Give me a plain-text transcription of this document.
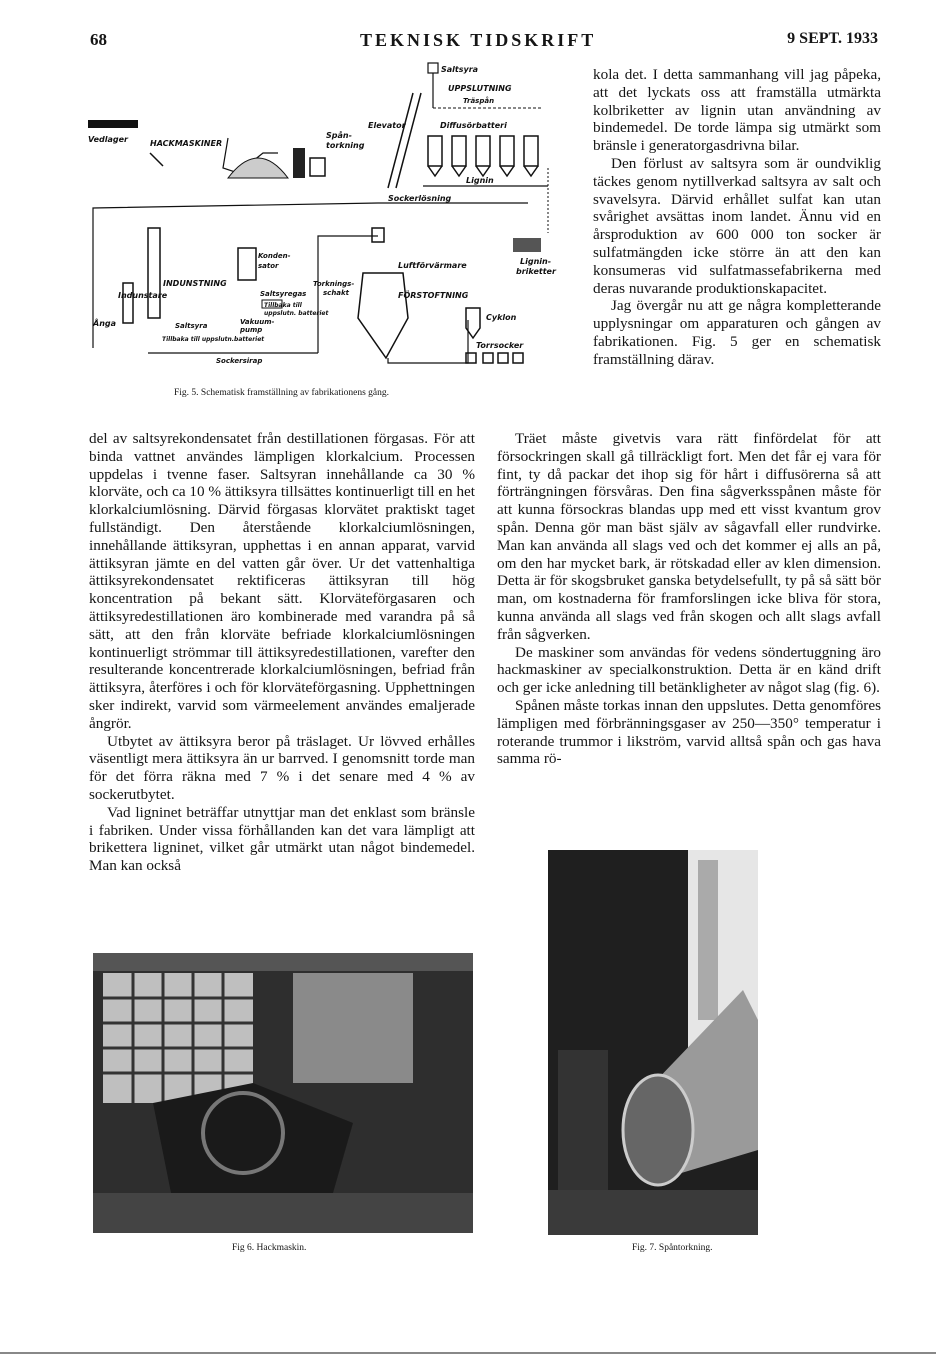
68	TEKNISK TIDSKRIFT	9 SEPT. 1933
Saltsyra
UPPSLUTNING
Träspån
Vedlager	HACKMASKINER
Spån-
torkning
Elevator	Diffusörbatteri
Lignin
Sockerlösning
Lignin-
briketter
INDUNSTNING
Indunstare
Ånga
Konden-
sator
Saltsyregas
Tillbaka till
uppslutn. batteriet
Saltsyra	Vakuum-
pump
Tillbaka till uppslutn.batteriet
Sockersirap
Torknings-
schakt
Luftförvärmare
FÖRSTOFTNING
Cyklon
Torrsocker
Fig. 5. Schematisk framställning av fabrikationens gång.

kola det. I detta sammanhang vill jag påpeka, att det lyckats oss att framställa utmärkta kolbriketter av lignin utan användning av bindemedel. De torde lämpa sig utmärkt som bränsle i generatorgasdrivna bilar.

Den förlust av saltsyra som är oundviklig täckes genom nytillverkad saltsyra av salt och svavelsyra. Därvid erhållet sulfat kan utan svårighet avsättas inom landet. Ännu vid en årsproduktion av 600 000 ton socker är sulfatmängden icke större än att den kan konsumeras vid sulfatmassefabrikerna med deras nuvarande produktionskapacitet.

Jag övergår nu att ge några kompletterande upplysningar om apparaturen och gången av fabrikationen. Fig. 5 ger en schematisk framställning därav.

del av saltsyrekondensatet från destillationen förgasas. För att binda vattnet användes lämpligen klorkalcium. Processen uppdelas i tvenne faser. Saltsyran innehållande ca 30 % klorväte, och ca 10 % ättiksyra tillsättes kontinuerligt till en het klorkalciumlösning. Därvid förgasas klorvätet praktiskt taget fullständigt. Den återstående klorkalciumlösningen, innehållande ättiksyran, upphettas i en annan apparat, varvid ättiksyran jämte en del vatten går över. Ur det vattenhaltiga ättiksyrekondensatet rektificeras ättiksyran till hög koncentration på bekant sätt. Klorväteförgasaren och ättiksyredestillationen äro kombinerade med varandra på så sätt, att den från klorväte befriade klorkalciumlösningen kontinuerligt strömmar till ättiksyredestillationen, varefter den resulterande koncentrerade klorkalciumlösningen, befriad från ättiksyra, återföres i och för klorväteförgasning. Upphettningen sker indirekt, varvid som värmeelement användes emaljerade ångrör.

Utbytet av ättiksyra beror på träslaget. Ur lövved erhålles väsentligt mera ättiksyra än ur barrved. I genomsnitt torde man för det förra räkna med 7 % i det senare med 4 % av sockerutbytet.

Vad ligninet beträffar utnyttjar man det enklast som bränsle i fabriken. Under vissa förhållanden kan det vara lämpligt att brikettera ligninet, vilket går utmärkt utan något bindemedel. Man kan också

Träet måste givetvis vara rätt finfördelat för att försockringen skall gå tillräckligt fort. Men det får ej vara för fint, ty då packar det ihop sig för hårt i diffusörerna så att förträngningen försvåras. Den fina sågverksspånen måste för att kunna försockras blandas upp med ett visst kvantum grov spån. Denna gör man bäst själv av sågavfall eller rundvirke. Man kan använda all slags ved och det kommer ej alls an på, om den har mycket bark, är rötskadad eller av klen dimension. Detta är för skogsbruket ganska betydelsefullt, ty på så sätt bör man, om kostnaderna för framforslingen icke bliva för stora, kunna använda all slags ved från skogen och allt slags avfall från sågverken.

De maskiner som användas för vedens söndertuggning äro hackmaskiner av specialkonstruktion. Detta är en känd drift och ger icke anledning till betänkligheter av något slag (fig. 6).

Spånen måste torkas innan den uppslutes. Detta genomföres lämpligen med förbränningsgaser av 250—350° temperatur i roterande trummor i likström, varvid alltså spån och gas hava samma rö-

Fig 6. Hackmaskin.	Fig. 7. Spåntorkning.
